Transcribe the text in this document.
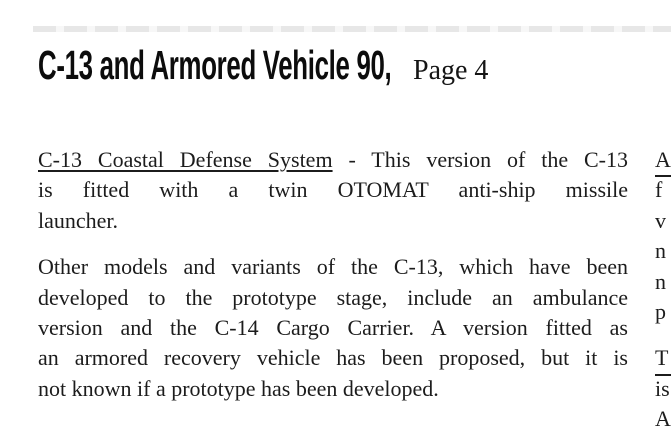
C-13 and Armored Vehicle 90, Page 4
C-13 Coastal Defense System - This version of the C-13
is fitted with a twin OTOMAT anti-ship missile
launcher.
Other models and variants of the C-13, which have been
developed to the prototype stage, include an ambulance
version and the C-14 Cargo Carrier. A version fitted as
an armored recovery vehicle has been proposed, but it is
not known if a prototype has been developed.
A
f
v
n
n
p
T
is
A
